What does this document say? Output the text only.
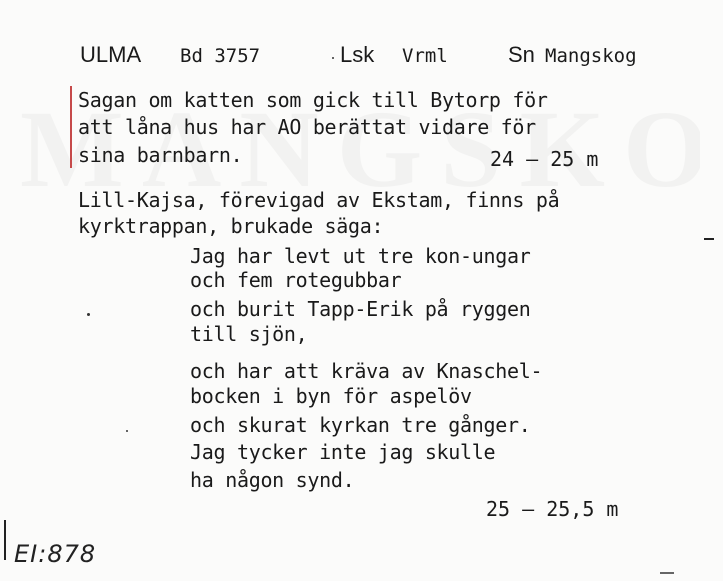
ULMA Bd 3757	Lsk Vrml	Sn Mangskog
Sagan om katten som gick till Bytorp för
att låna hus har AO berättat vidare för
sina barnbarn.	24 – 25 m
Lill-Kajsa, förevigad av Ekstam, finns på
kyrktrappan, brukade säga:
Jag har levt ut tre kon-ungar
och fem rotegubbar
och burit Tapp-Erik på ryggen
till sjön,
och har att kräva av Knaschel-
bocken i byn för aspelöv
och skurat kyrkan tre gånger.
Jag tycker inte jag skulle
ha någon synd.
25 – 25,5 m
EI:878
